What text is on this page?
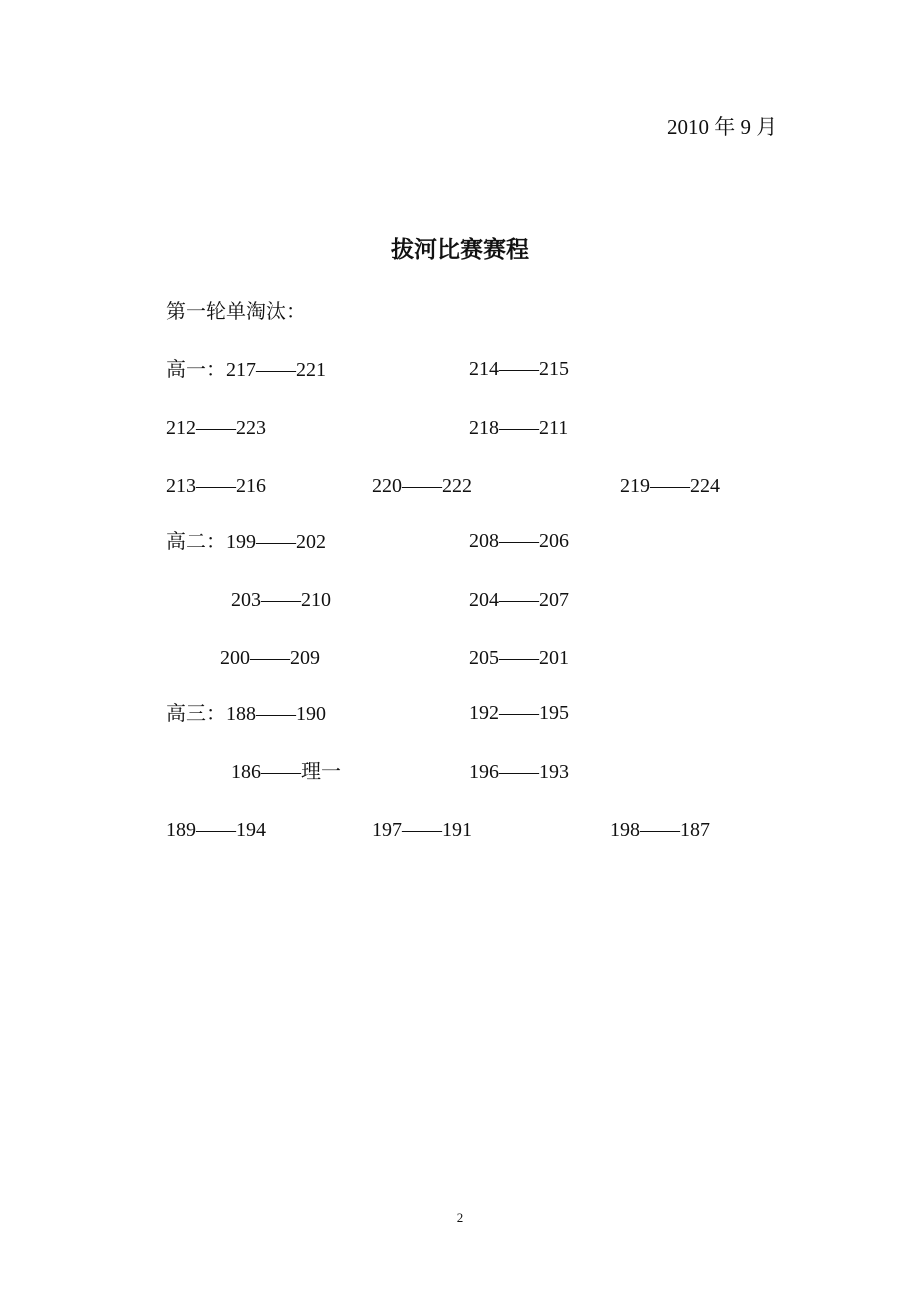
2010 年 9 月
拔河比赛赛程
第一轮单淘汰：
高一：217——221	214——215
212——223	218——211
213——216	220——222	219——224
高二：199——202	208——206
203——210	204——207
200——209	205——201
高三：188——190	192——195
186——理一	196——193
189——194	197——191	198——187
2
